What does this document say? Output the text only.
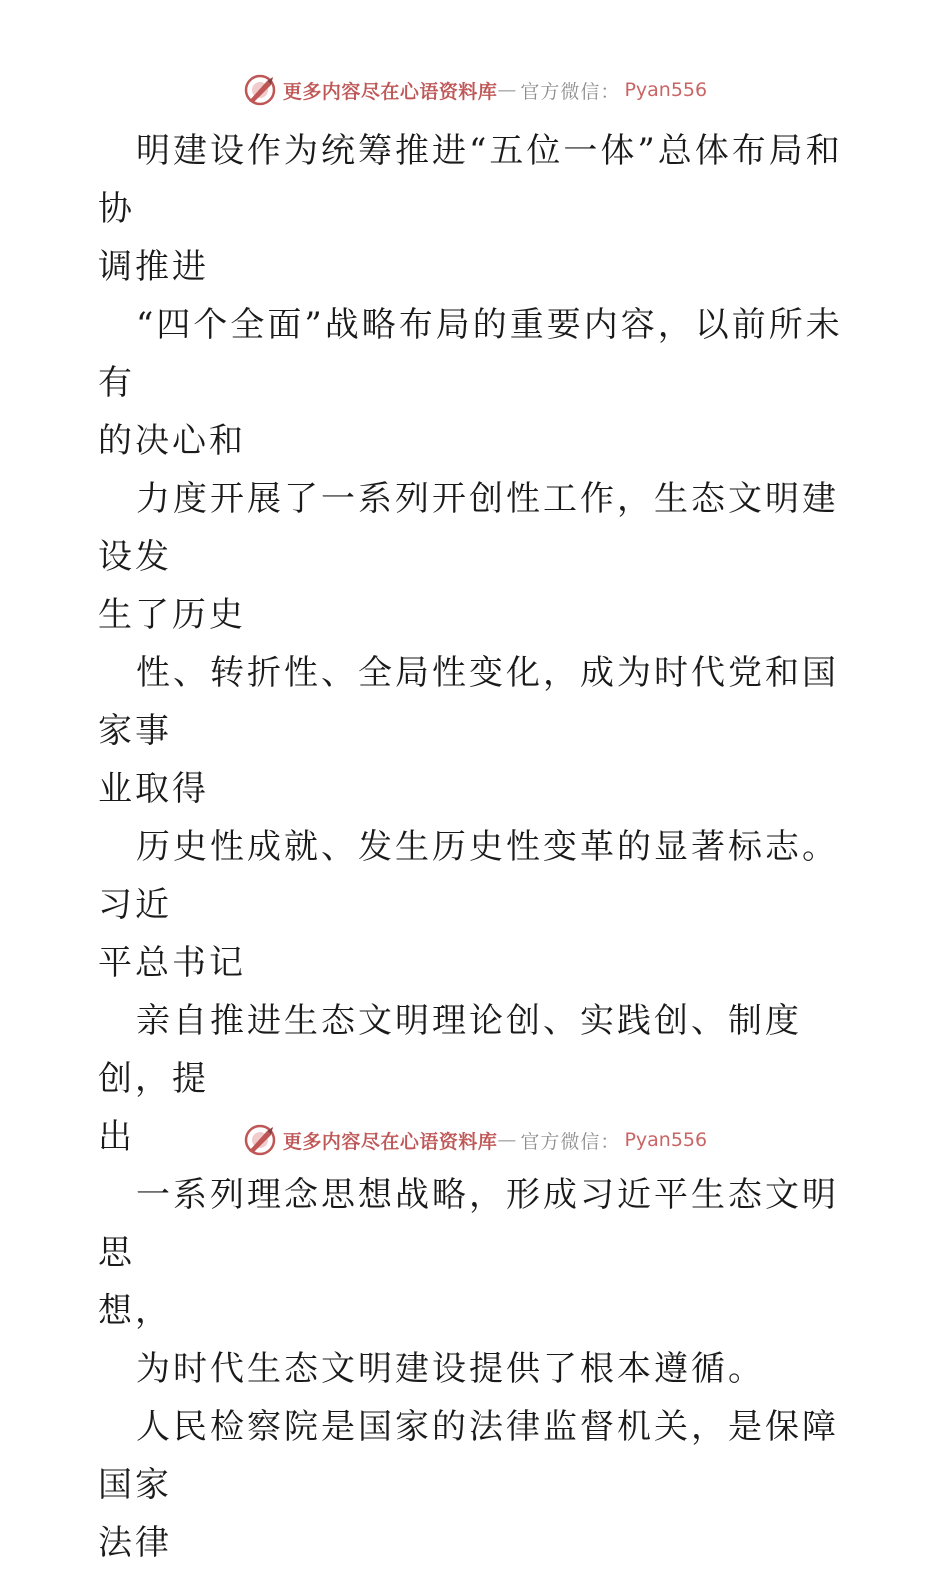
更多内容尽在心语资料库 — 官方微信： Pyan556

明建设作为统筹推进“五位一体”总体布局和协
调推进

“四个全面”战略布局的重要内容，以前所未有
的决心和

力度开展了一系列开创性工作，生态文明建设发
生了历史

性、转折性、全局性变化，成为时代党和国家事
业取得

历史性成就、发生历史性变革的显著标志。习近
平总书记

亲自推进生态文明理论创、实践创、制度创，提
出

一系列理念思想战略，形成习近平生态文明思
想，

为时代生态文明建设提供了根本遵循。

人民检察院是国家的法律监督机关，是保障国家
法律

更多内容尽在心语资料库 — 官方微信： Pyan556
